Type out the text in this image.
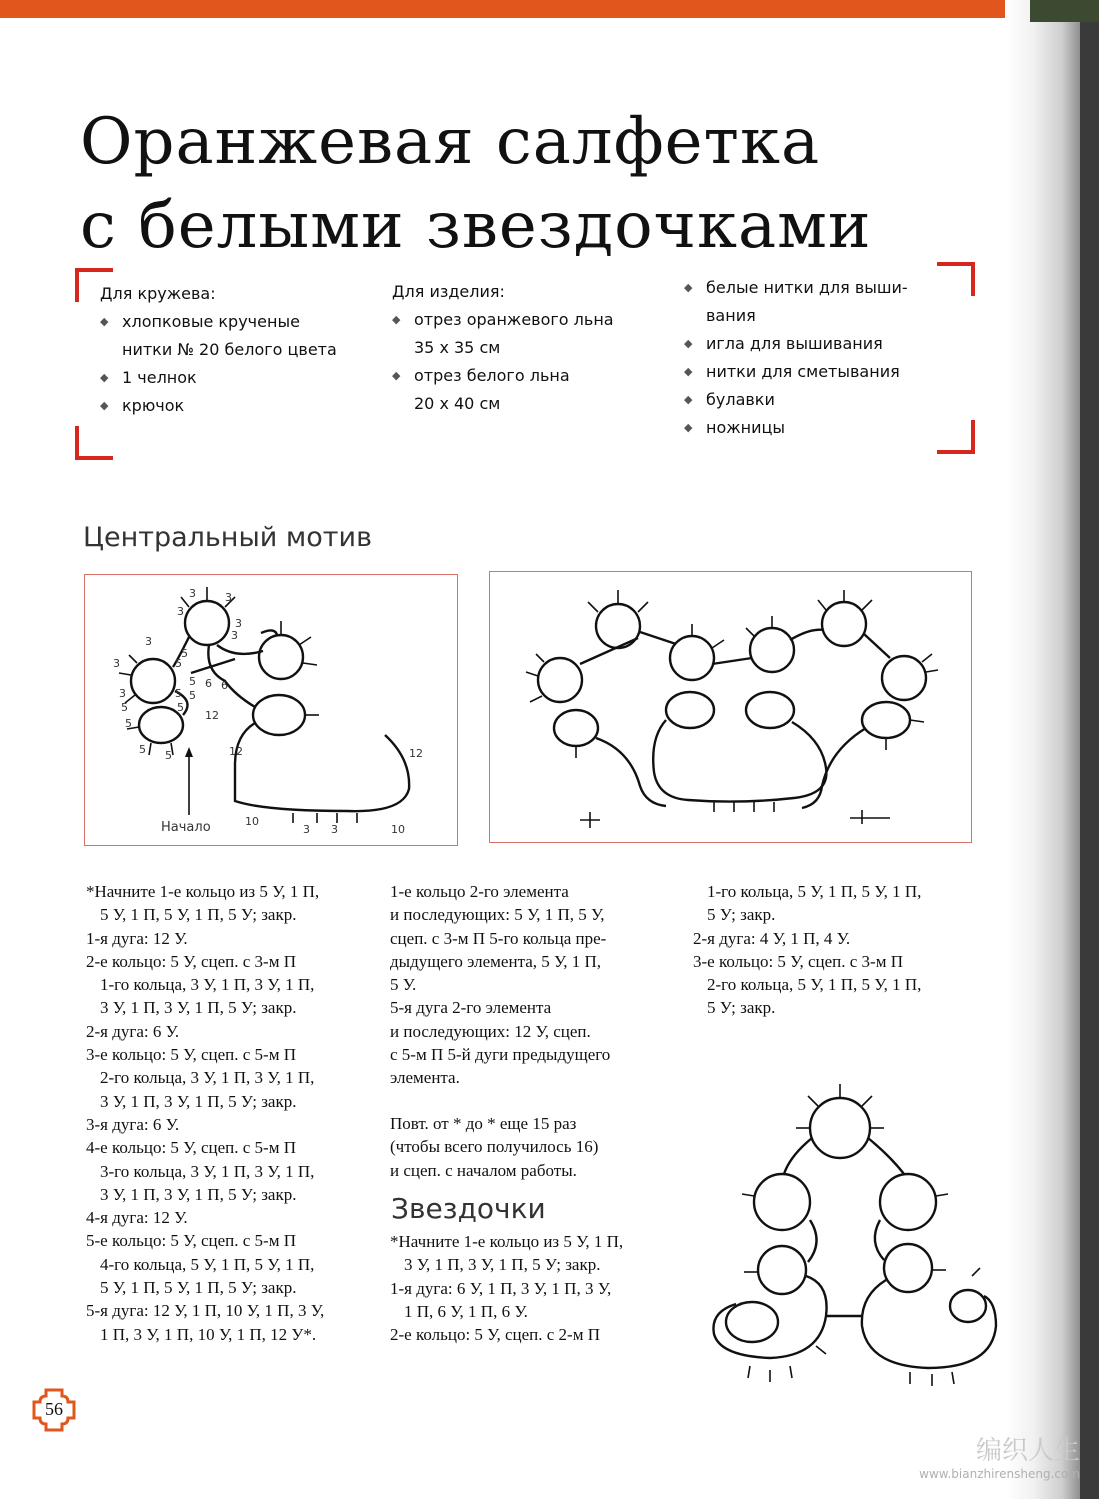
Оранжевая салфетка
с белыми звездочками
Для кружева:
◆ хлопковые крученые
нитки № 20 белого цвета
◆ 1 челнок
◆ крючок
Для изделия:
◆ отрез оранжевого льна
35 х 35 см
◆ отрез белого льна
20 х 40 см
◆ белые нитки для выши-
вания
◆ игла для вышивания
◆ нитки для сметывания
◆ булавки
◆ ножницы
Центральный мотив
Начало
3	3
3
3
3
3
3
3
5
5
5
5
5
5
5 5
5
5
6 6
12
12	12
10
3 3	10

*Начните 1-е кольцо из 5 У, 1 П,

5 У, 1 П, 5 У, 1 П, 5 У; закр.

1-я дуга: 12 У.

2-е кольцо: 5 У, сцеп. с 3-м П

1-го кольца, 3 У, 1 П, 3 У, 1 П,

3 У, 1 П, 3 У, 1 П, 5 У; закр.

2-я дуга: 6 У.

3-е кольцо: 5 У, сцеп. с 5-м П

2-го кольца, 3 У, 1 П, 3 У, 1 П,

3 У, 1 П, 3 У, 1 П, 5 У; закр.

3-я дуга: 6 У.

4-е кольцо: 5 У, сцеп. с 5-м П

3-го кольца, 3 У, 1 П, 3 У, 1 П,

3 У, 1 П, 3 У, 1 П, 5 У; закр.

4-я дуга: 12 У.

5-е кольцо: 5 У, сцеп. с 5-м П

4-го кольца, 5 У, 1 П, 5 У, 1 П,

5 У, 1 П, 5 У, 1 П, 5 У; закр.

5-я дуга: 12 У, 1 П, 10 У, 1 П, 3 У,

1 П, 3 У, 1 П, 10 У, 1 П, 12 У*.

1-е кольцо 2-го элемента

и последующих: 5 У, 1 П, 5 У,

сцеп. с 3-м П 5-го кольца пре-

дыдущего элемента, 5 У, 1 П,

5 У.

5-я дуга 2-го элемента

и последующих: 12 У, сцеп.

с 5-м П 5-й дуги предыдущего

элемента.

Повт. от * до * еще 15 раз

(чтобы всего получилось 16)

и сцеп. с началом работы.

Звездочки

*Начните 1-е кольцо из 5 У, 1 П,

3 У, 1 П, 3 У, 1 П, 5 У; закр.

1-я дуга: 6 У, 1 П, 3 У, 1 П, 3 У,

1 П, 6 У, 1 П, 6 У.

2-е кольцо: 5 У, сцеп. с 2-м П

1-го кольца, 5 У, 1 П, 5 У, 1 П,

5 У; закр.

2-я дуга: 4 У, 1 П, 4 У.

3-е кольцо: 5 У, сцеп. с 3-м П

2-го кольца, 5 У, 1 П, 5 У, 1 П,

5 У; закр.

56
编织人生
www.bianzhirensheng.com
